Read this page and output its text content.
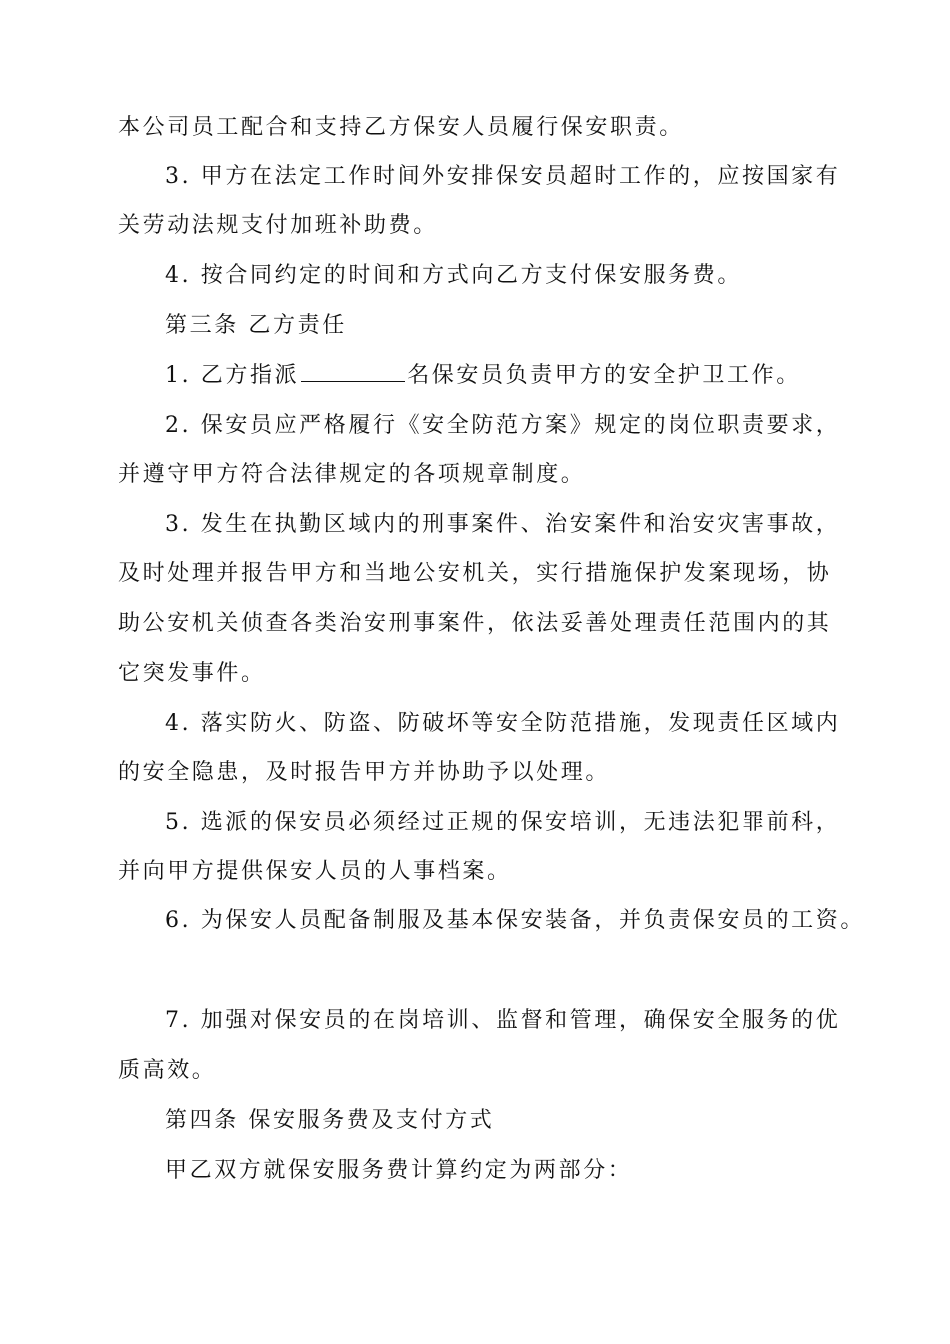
本公司员工配合和支持乙方保安人员履行保安职责。
3. 甲方在法定工作时间外安排保安员超时工作的，应按国家有
关劳动法规支付加班补助费。
4. 按合同约定的时间和方式向乙方支付保安服务费。
第三条 乙方责任
1. 乙方指派	名保安员负责甲方的安全护卫工作。
2. 保安员应严格履行《安全防范方案》规定的岗位职责要求，
并遵守甲方符合法律规定的各项规章制度。
3. 发生在执勤区域内的刑事案件、治安案件和治安灾害事故，
及时处理并报告甲方和当地公安机关，实行措施保护发案现场，协
助公安机关侦查各类治安刑事案件，依法妥善处理责任范围内的其
它突发事件。
4. 落实防火、防盗、防破坏等安全防范措施，发现责任区域内
的安全隐患，及时报告甲方并协助予以处理。
5. 选派的保安员必须经过正规的保安培训，无违法犯罪前科，
并向甲方提供保安人员的人事档案。
6. 为保安人员配备制服及基本保安装备，并负责保安员的工资。
7. 加强对保安员的在岗培训、监督和管理，确保安全服务的优
质高效。
第四条 保安服务费及支付方式
甲乙双方就保安服务费计算约定为两部分：
